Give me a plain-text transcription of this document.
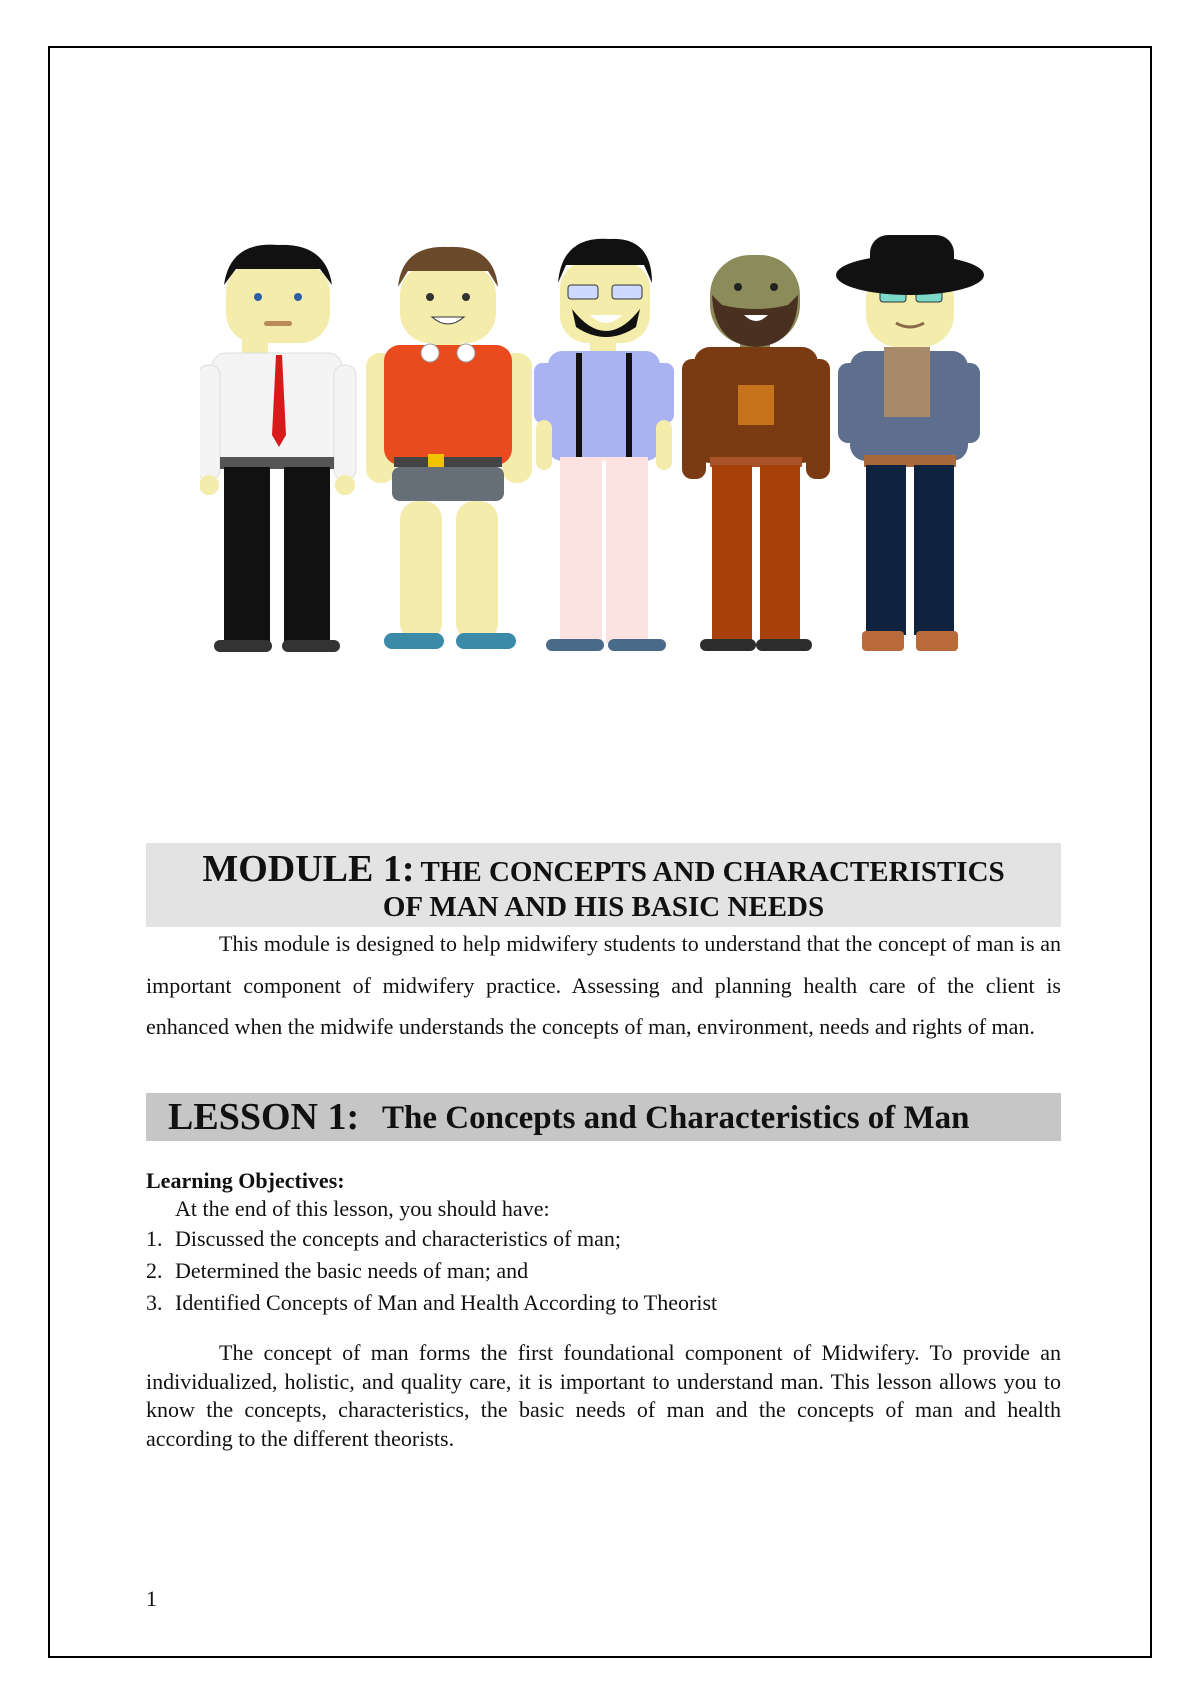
MODULE 1: THE CONCEPTS AND CHARACTERISTICS
OF MAN AND HIS BASIC NEEDS

This module is designed to help midwifery students to understand that the concept of man is an important component of midwifery practice. Assessing and planning health care of the client is enhanced when the midwife understands the concepts of man, environment, needs and rights of man.

LESSON 1: The Concepts and Characteristics of Man
Learning Objectives:
At the end of this lesson, you should have:
1. Discussed the concepts and characteristics of man;
2. Determined the basic needs of man; and
3. Identified Concepts of Man and Health According to Theorist

The concept of man forms the first foundational component of Midwifery. To provide an individualized, holistic, and quality care, it is important to understand man. This lesson allows you to know the concepts, characteristics, the basic needs of man and the concepts of man and health according to the different theorists.

1
